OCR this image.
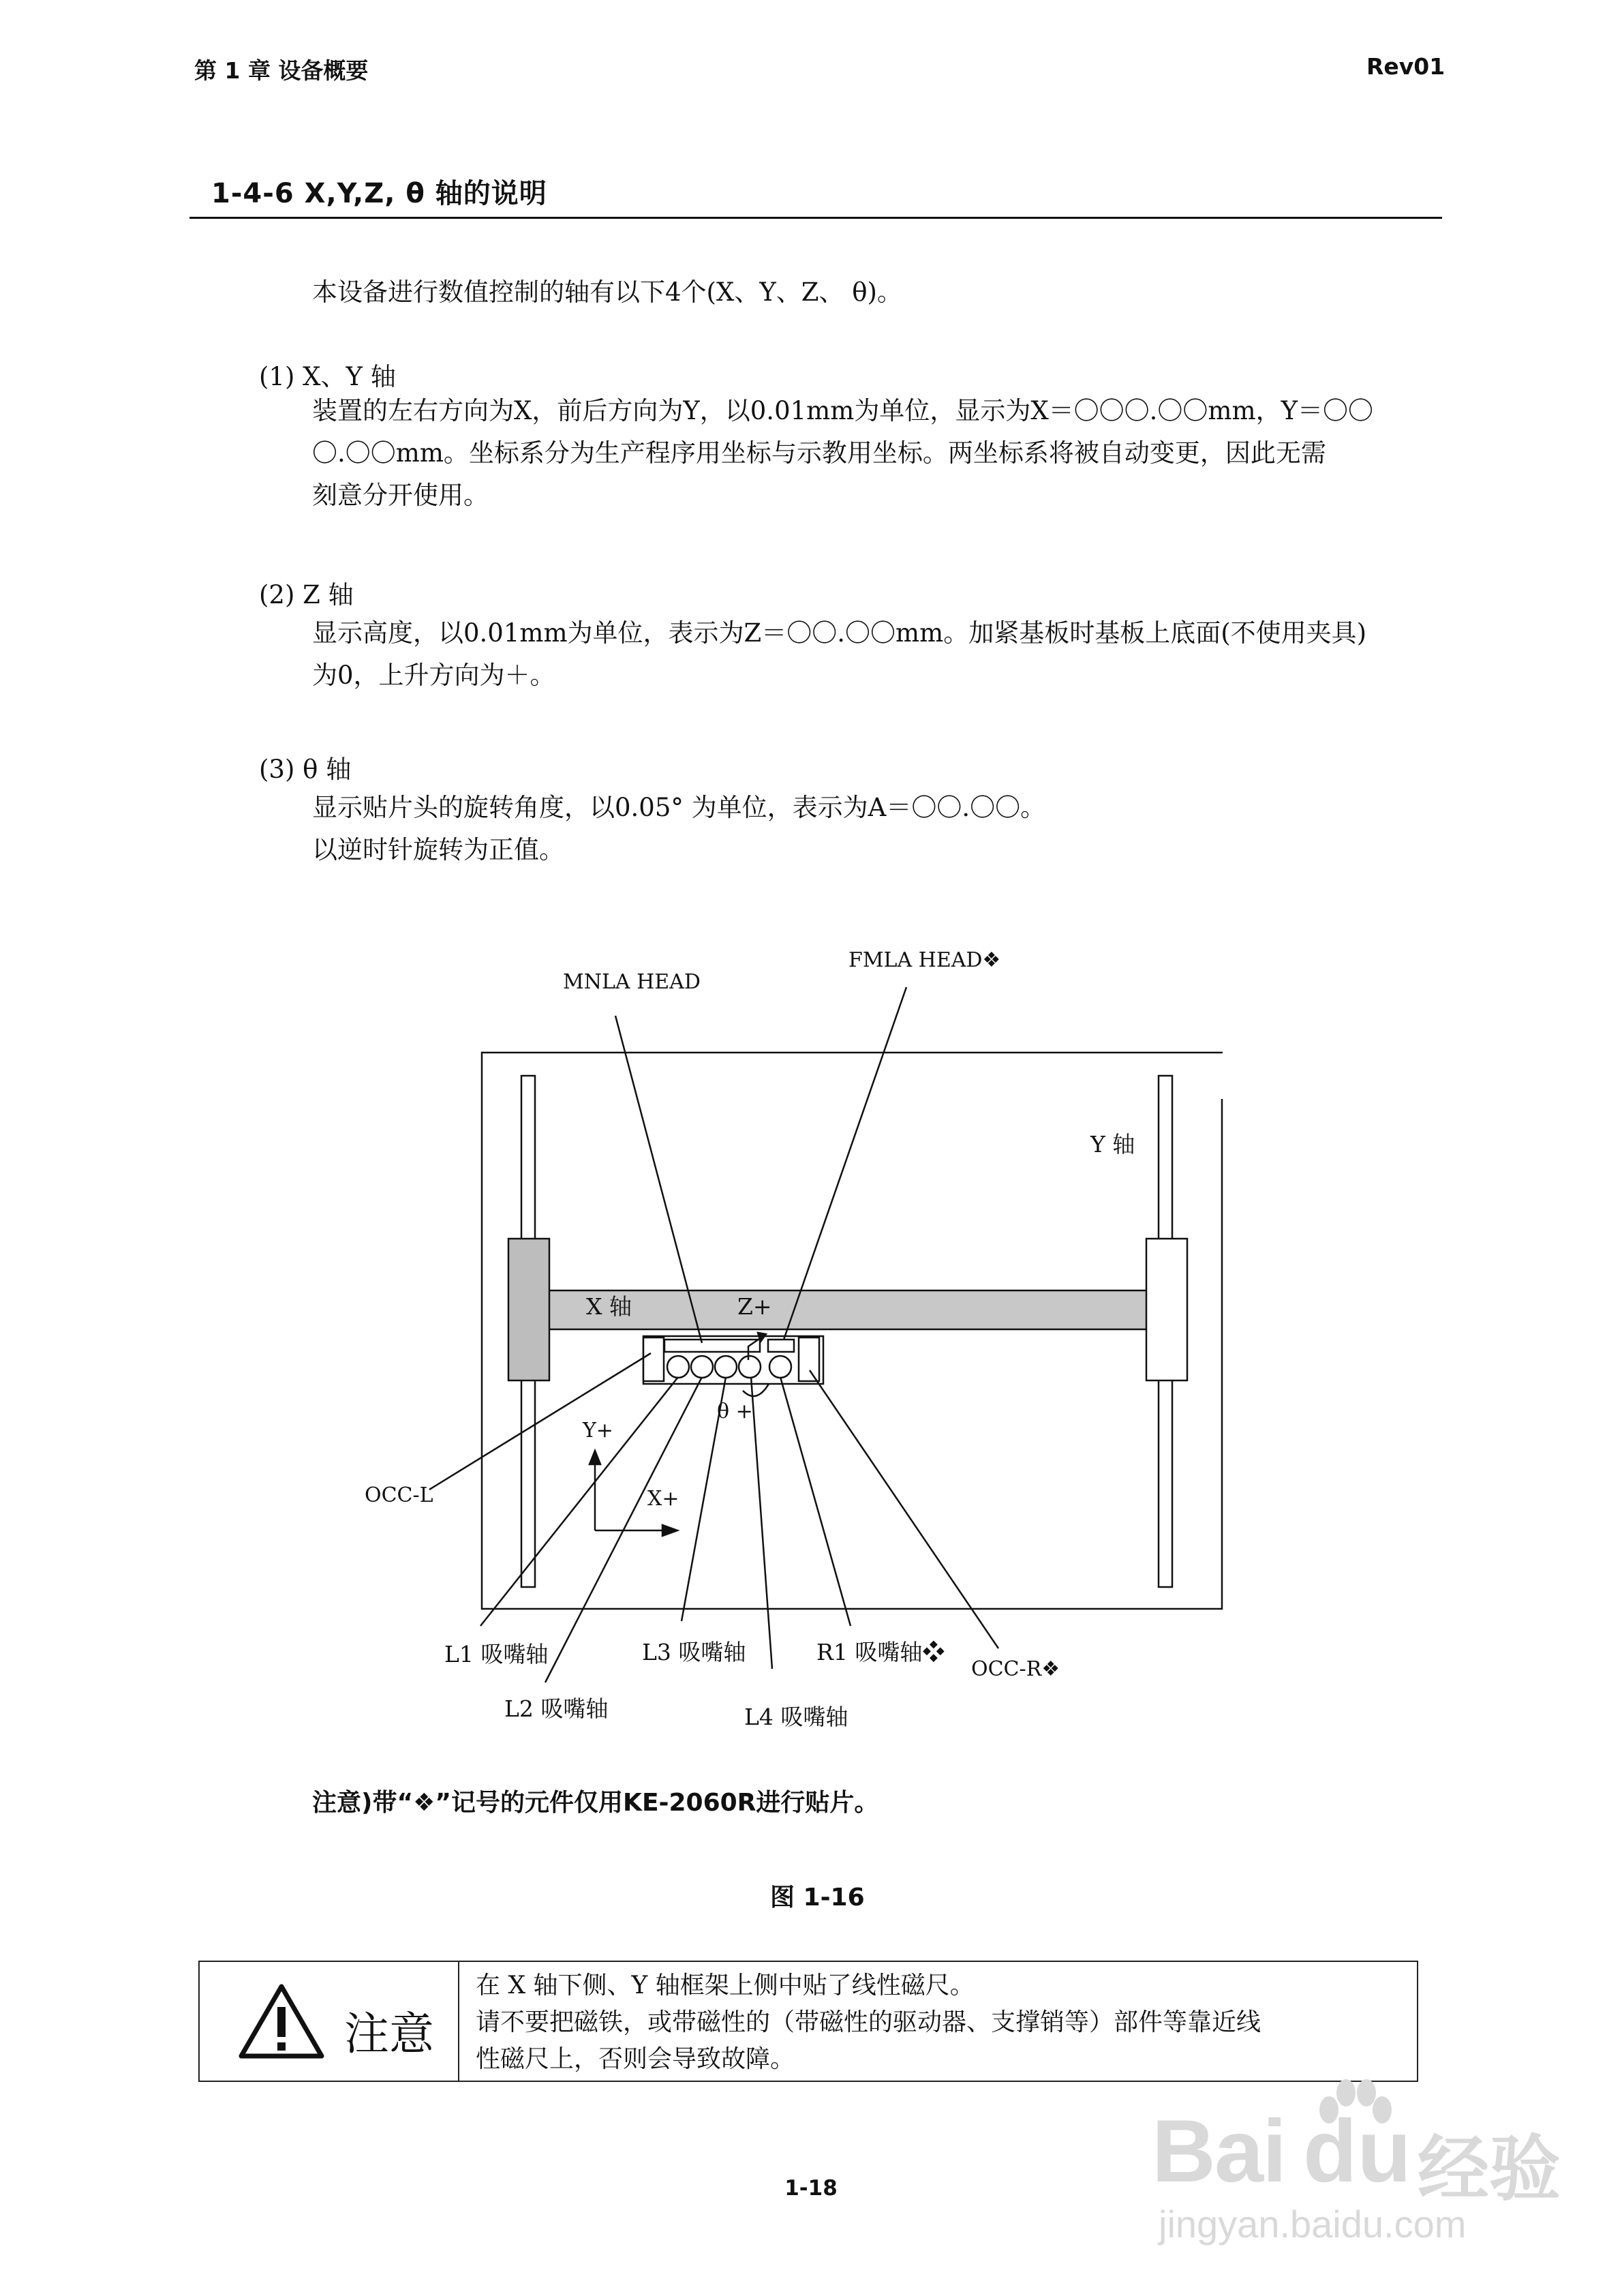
第 1 章 设备概要	Rev01
1-4-6 X,Y,Z, θ 轴的说明
本设备进行数值控制的轴有以下4个(X、Y、Z、 θ)。
(1) X、Y 轴

装置的左右方向为X，前后方向为Y，以0.01mm为单位，显示为X＝〇〇〇.〇〇mm，Y＝〇〇

〇.〇〇mm。坐标系分为生产程序用坐标与示教用坐标。两坐标系将被自动变更，因此无需

刻意分开使用。

(2) Z 轴

显示高度，以0.01mm为单位，表示为Z＝〇〇.〇〇mm。加紧基板时基板上底面(不使用夹具)

为0，上升方向为＋。

(3) θ 轴

显示贴片头的旋转角度，以0.05° 为单位，表示为A＝〇〇.〇〇。

以逆时针旋转为正值。

MNLA HEAD
FMLA HEAD❖
Y 轴
X 轴	Z+
θ +
Y+
X+
OCC-L
L1 吸嘴轴
L2 吸嘴轴
L3 吸嘴轴
L4 吸嘴轴
R1 吸嘴轴❖
OCC-R❖
注意)带“❖”记号的元件仅用KE-2060R进行贴片。
图 1-16
注意
在 X 轴下侧、Y 轴框架上侧中贴了线性磁尺。
请不要把磁铁，或带磁性的（带磁性的驱动器、支撑销等）部件等靠近线
性磁尺上，否则会导致故障。
1-18	Bai du 经验
jingyan.baidu.com
